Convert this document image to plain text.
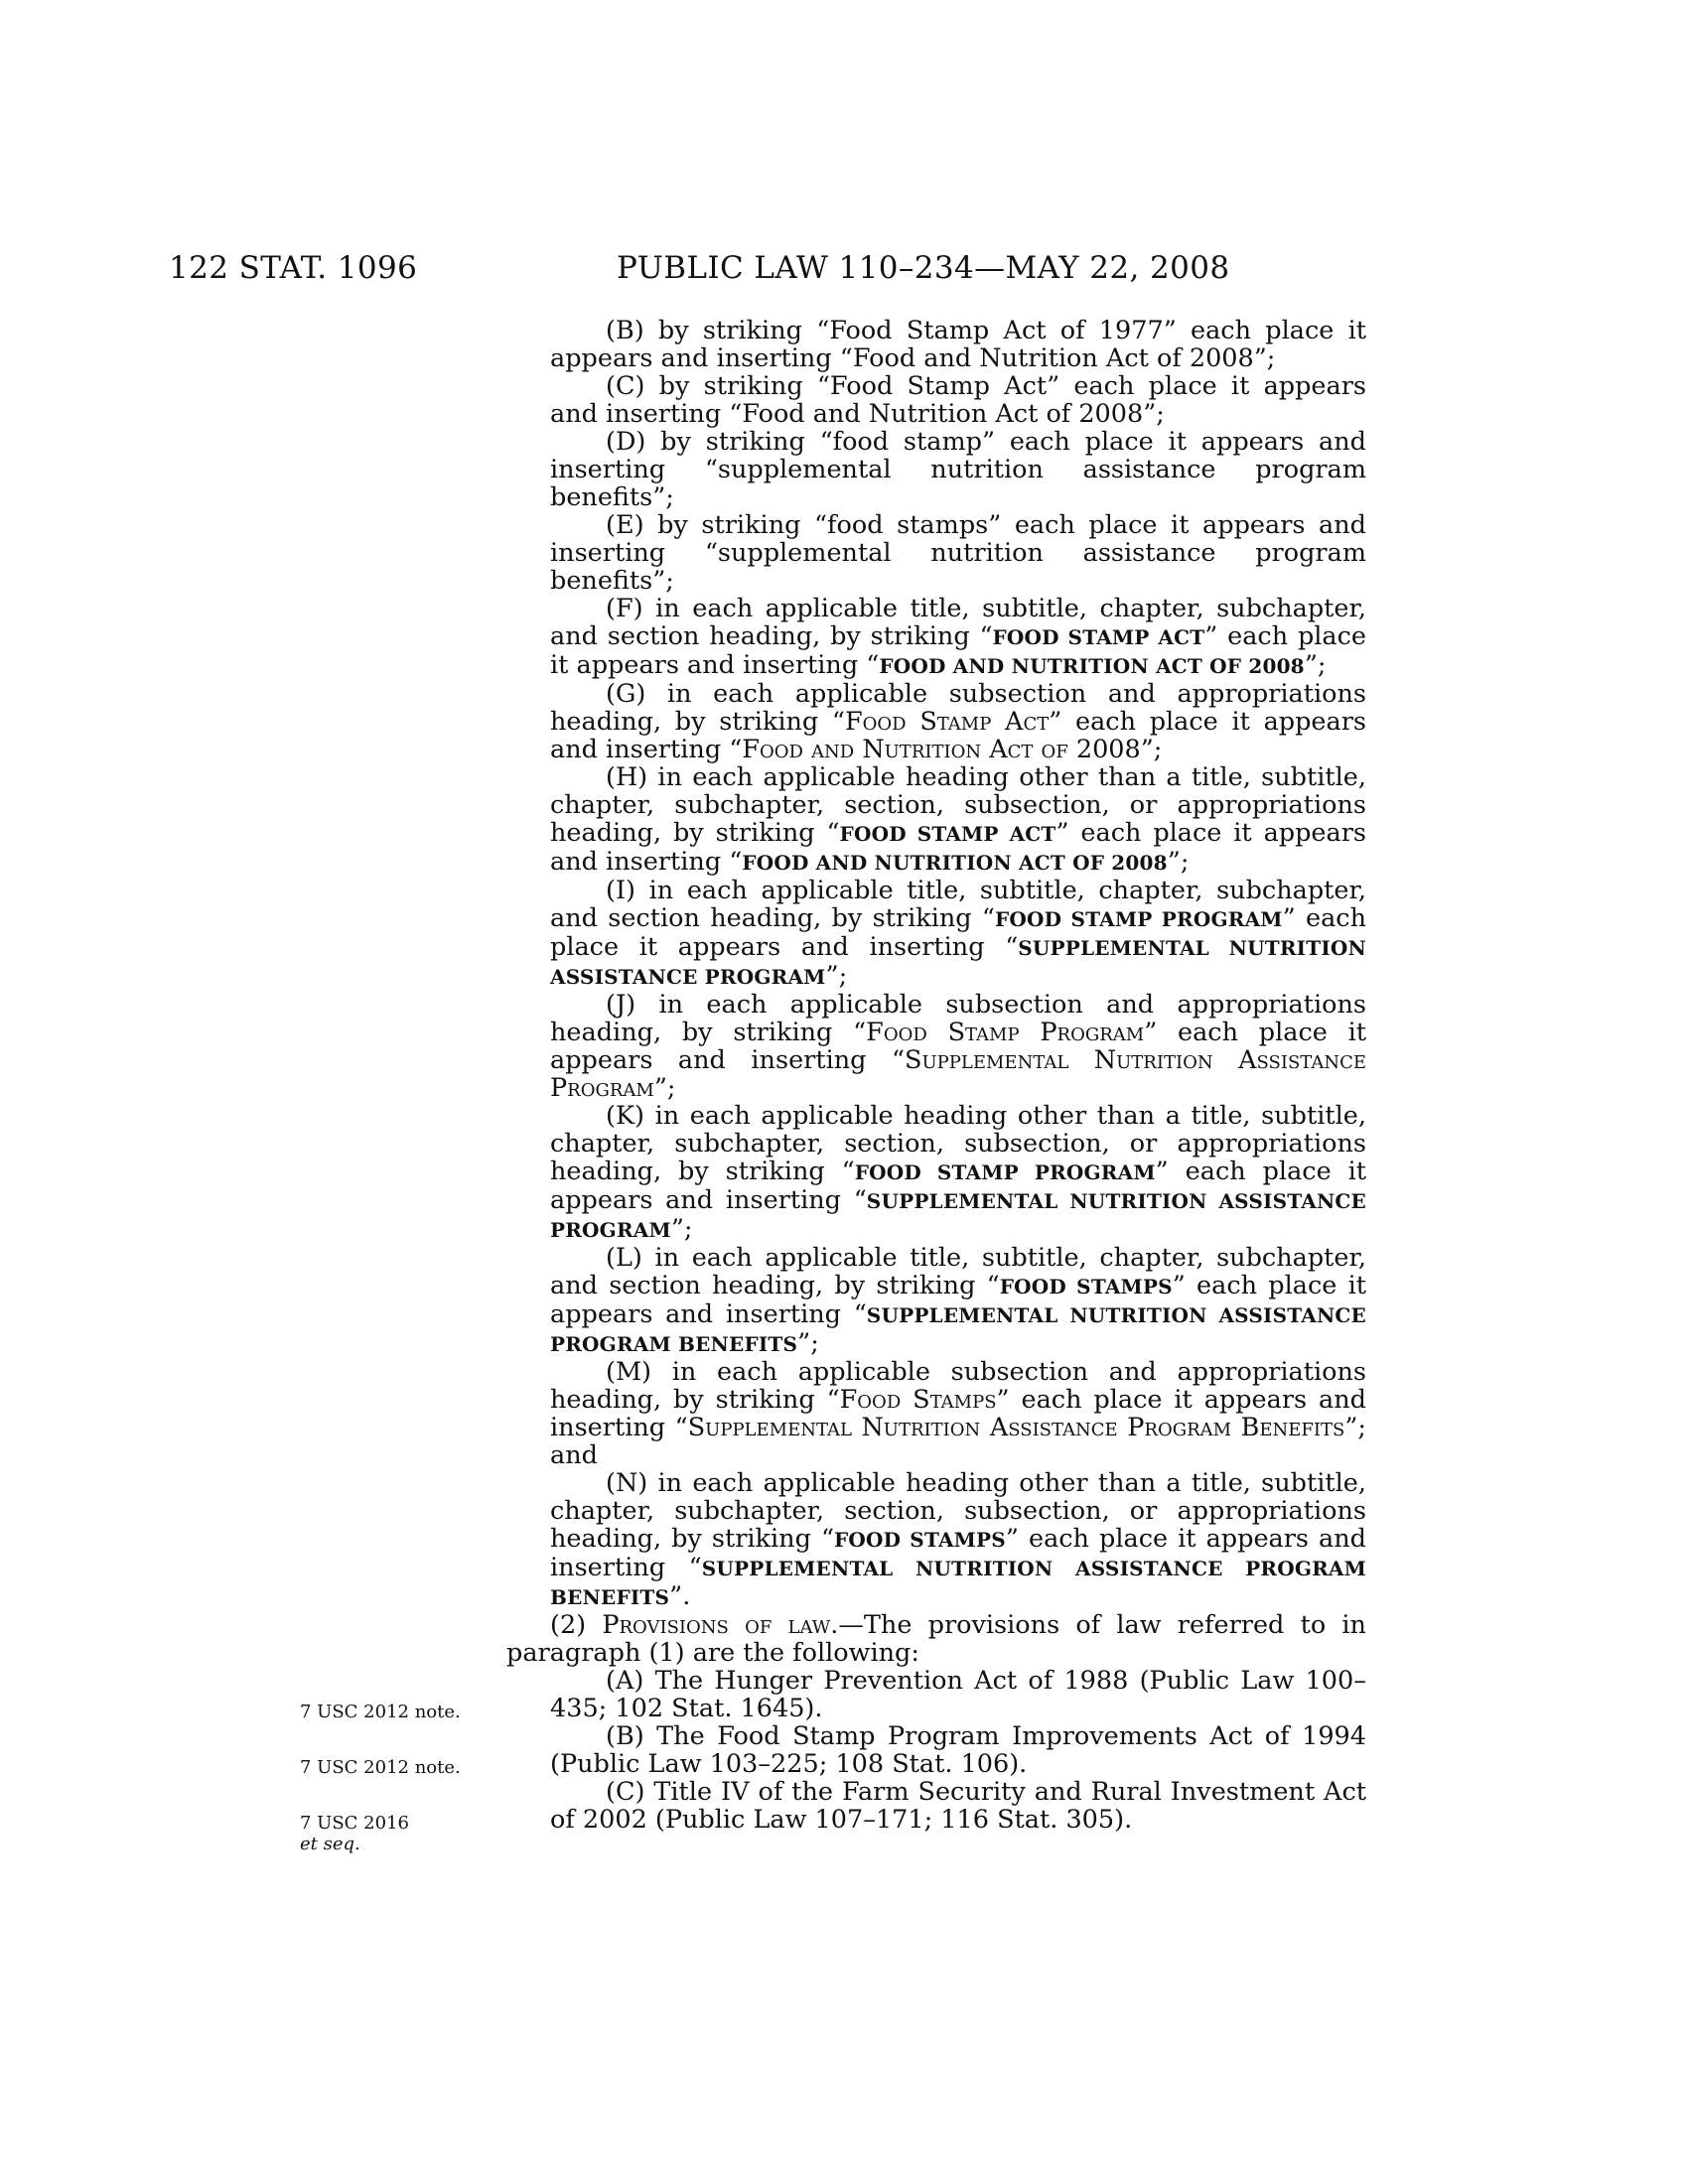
122 STAT. 1096	PUBLIC LAW 110–234—MAY 22, 2008

(B) by striking “Food Stamp Act of 1977” each place it appears and inserting “Food and Nutrition Act of 2008”;

(C) by striking “Food Stamp Act” each place it appears and inserting “Food and Nutrition Act of 2008”;

(D) by striking “food stamp” each place it appears and inserting “supplemental nutrition assistance program benefits”;

(E) by striking “food stamps” each place it appears and inserting “supplemental nutrition assistance program benefits”;

(F) in each applicable title, subtitle, chapter, subchapter, and section heading, by striking “FOOD STAMP ACT” each place it appears and inserting “FOOD AND NUTRITION ACT OF 2008”;

(G) in each applicable subsection and appropriations heading, by striking “Food Stamp Act” each place it appears and inserting “Food and Nutrition Act of 2008”;

(H) in each applicable heading other than a title, subtitle, chapter, subchapter, section, subsection, or appropriations heading, by striking “FOOD STAMP ACT” each place it appears and inserting “FOOD AND NUTRITION ACT OF 2008”;

(I) in each applicable title, subtitle, chapter, subchapter, and section heading, by striking “FOOD STAMP PROGRAM” each place it appears and inserting “SUPPLEMENTAL NUTRITION ASSISTANCE PROGRAM”;

(J) in each applicable subsection and appropriations heading, by striking “Food Stamp Program” each place it appears and inserting “Supplemental Nutrition Assistance Program”;

(K) in each applicable heading other than a title, subtitle, chapter, subchapter, section, subsection, or appropriations heading, by striking “FOOD STAMP PROGRAM” each place it appears and inserting “SUPPLEMENTAL NUTRITION ASSISTANCE PROGRAM”;

(L) in each applicable title, subtitle, chapter, subchapter, and section heading, by striking “FOOD STAMPS” each place it appears and inserting “SUPPLEMENTAL NUTRITION ASSISTANCE PROGRAM BENEFITS”;

(M) in each applicable subsection and appropriations heading, by striking “Food Stamps” each place it appears and inserting “Supplemental Nutrition Assistance Program Benefits”; and

(N) in each applicable heading other than a title, subtitle, chapter, subchapter, section, subsection, or appropriations heading, by striking “FOOD STAMPS” each place it appears and inserting “SUPPLEMENTAL NUTRITION ASSISTANCE PROGRAM BENEFITS”.

(2) Provisions of law.—The provisions of law referred to in paragraph (1) are the following:

(A) The Hunger Prevention Act of 1988 (Public Law 100–435; 102 Stat. 1645).

(B) The Food Stamp Program Improvements Act of 1994 (Public Law 103–225; 108 Stat. 106).

(C) Title IV of the Farm Security and Rural Investment Act of 2002 (Public Law 107–171; 116 Stat. 305).

7 USC 2012 note.
7 USC 2012 note.
7 USC 2016
et seq.
